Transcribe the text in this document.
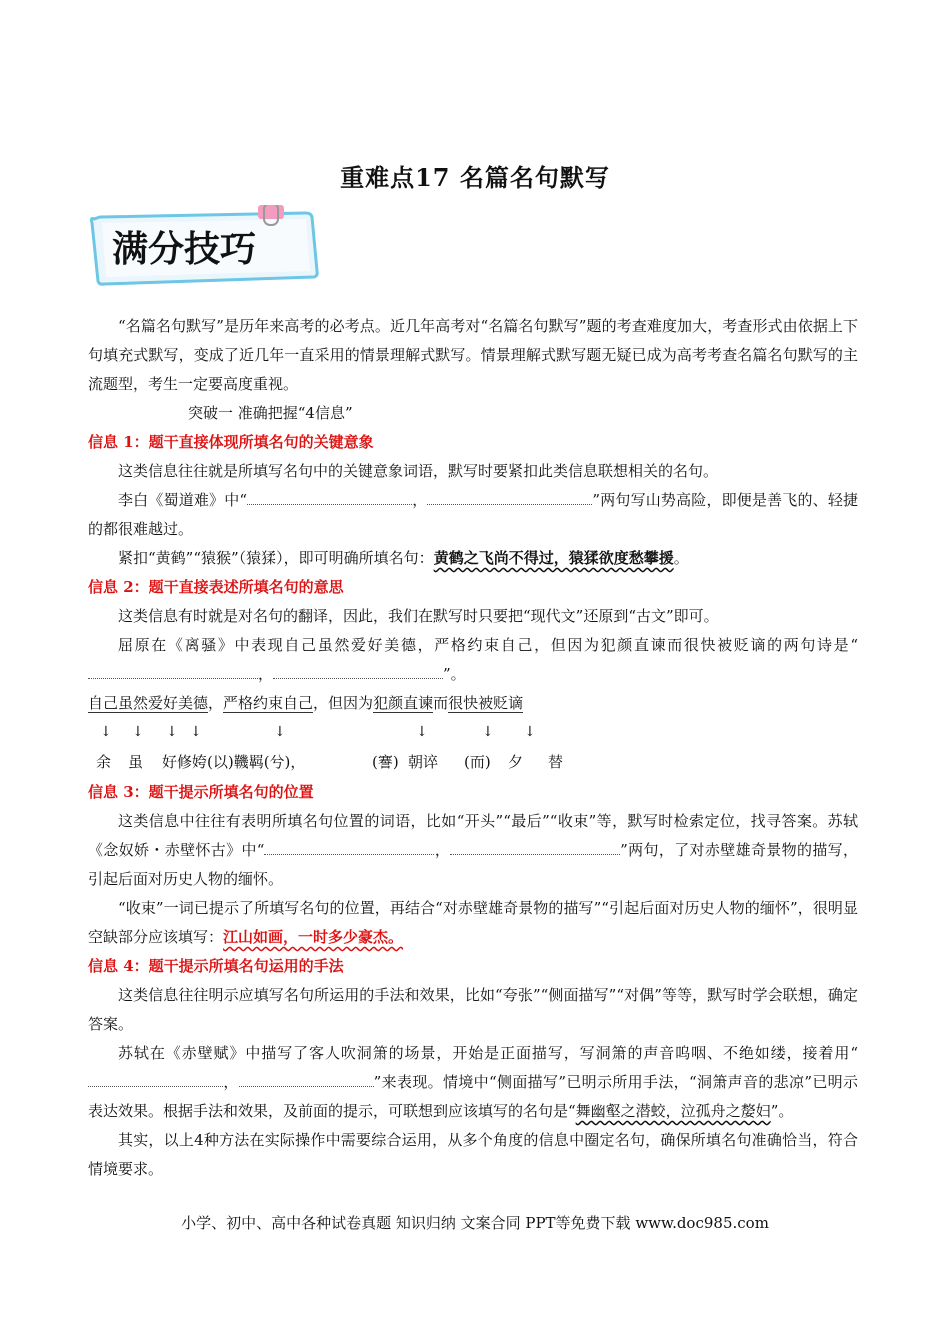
重难点17 名篇名句默写
满分技巧

“名篇名句默写”是历年来高考的必考点。近几年高考对“名篇名句默写”题的考查难度加大，考查形式由依据上下句填充式默写，变成了近几年一直采用的情景理解式默写。情景理解式默写题无疑已成为高考考查名篇名句默写的主流题型，考生一定要高度重视。

突破一 准确把握“4信息”

信息 1：题干直接体现所填名句的关键意象

这类信息往往就是所填写名句中的关键意象词语，默写时要紧扣此类信息联想相关的名句。

李白《蜀道难》中“	，	”两句写山势高险，即便是善飞的、轻捷的都很难越过。

紧扣“黄鹤”“猿猴”（猿猱），即可明确所填名句：黄鹤之飞尚不得过，猿猱欲度愁攀援。

信息 2：题干直接表述所填名句的意思

这类信息有时就是对名句的翻译，因此，我们在默写时只要把“现代文”还原到“古文”即可。

屈原在《离骚》中表现自己虽然爱好美德，严格约束自己，但因为犯颜直谏而很快被贬谪的两句诗是“，	”。

自己虽然爱好美德，严格约束自己，但因为犯颜直谏而很快被贬谪

↓ ↓ ↓ ↓	↓	↓	↓ ↓
余 虽 好修姱(以)鞿羁(兮)，	(謇) 朝谇 (而) 夕 替

信息 3：题干提示所填名句的位置

这类信息中往往有表明所填名句位置的词语，比如“开头”“最后”“收束”等，默写时检索定位，找寻答案。苏轼《念奴娇・赤壁怀古》中“	，	”两句，了对赤壁雄奇景物的描写，引起后面对历史人物的缅怀。

“收束”一词已提示了所填写名句的位置，再结合“对赤壁雄奇景物的描写”“引起后面对历史人物的缅怀”，很明显空缺部分应该填写：江山如画，一时多少豪杰。

信息 4：题干提示所填名句运用的手法

这类信息往往明示应填写名句所运用的手法和效果，比如“夸张”“侧面描写”“对偶”等等，默写时学会联想，确定答案。

苏轼在《赤壁赋》中描写了客人吹洞箫的场景，开始是正面描写，写洞箫的声音呜咽、不绝如缕，接着用“，	”来表现。情境中“侧面描写”已明示所用手法，“洞箫声音的悲凉”已明示表达效果。根据手法和效果，及前面的提示，可联想到应该填写的名句是“舞幽壑之潜蛟，泣孤舟之嫠妇”。

其实，以上4种方法在实际操作中需要综合运用，从多个角度的信息中圈定名句，确保所填名句准确恰当，符合情境要求。

小学、初中、高中各种试卷真题 知识归纳 文案合同 PPT等免费下载 www.doc985.com
